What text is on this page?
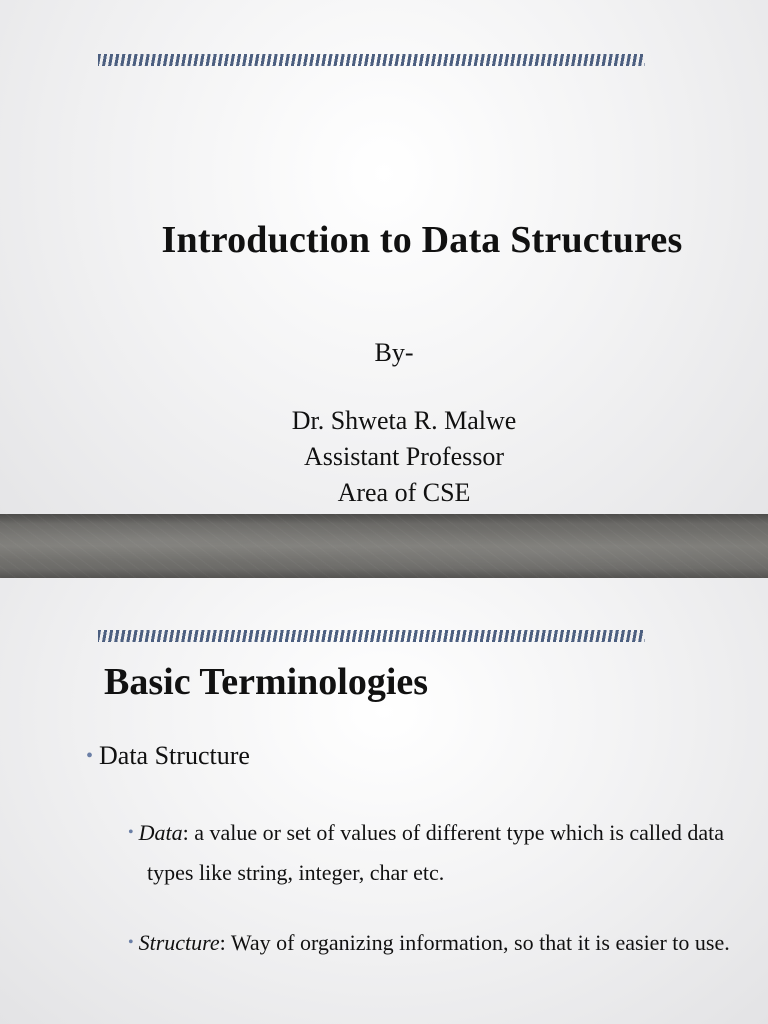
Introduction to Data Structures
By-
Dr. Shweta R. Malwe
Assistant Professor
Area of CSE
Basic Terminologies
• Data Structure
• Data: a value or set of values of different type which is called data types like string, integer, char etc.
• Structure: Way of organizing information, so that it is easier to use.
